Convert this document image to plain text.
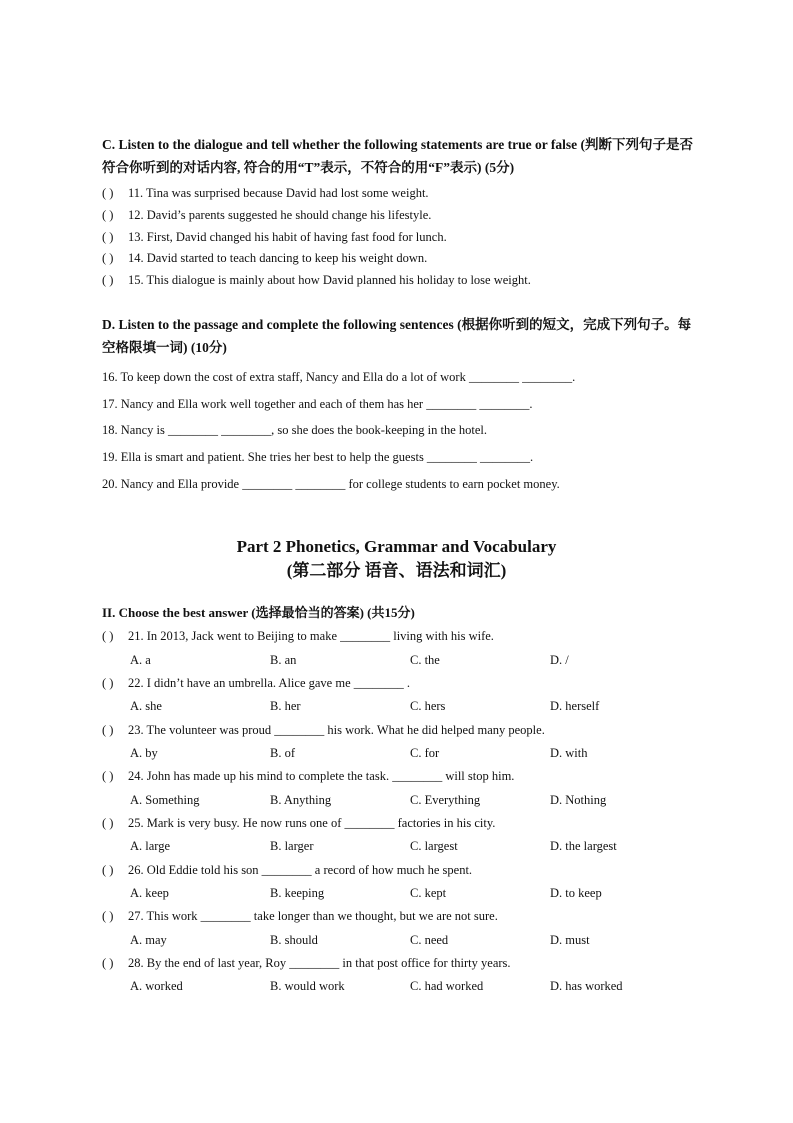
C. Listen to the dialogue and tell whether the following statements are true or false (判断下列句子是否符合你听到的对话内容, 符合的用“T”表示，不符合的用“F”表示) (5分)
( ) 11. Tina was surprised because David had lost some weight.
( ) 12. David’s parents suggested he should change his lifestyle.
( ) 13. First, David changed his habit of having fast food for lunch.
( ) 14. David started to teach dancing to keep his weight down.
( ) 15. This dialogue is mainly about how David planned his holiday to lose weight.
D. Listen to the passage and complete the following sentences (根据你听到的短文，完成下列句子。每空格限填一词) (10分)
16. To keep down the cost of extra staff, Nancy and Ella do a lot of work ________ ________.
17. Nancy and Ella work well together and each of them has her ________ ________.
18. Nancy is ________ ________, so she does the book-keeping in the hotel.
19. Ella is smart and patient. She tries her best to help the guests ________ ________.
20. Nancy and Ella provide ________ ________ for college students to earn pocket money.
Part 2 Phonetics, Grammar and Vocabulary
(第二部分 语音、语法和词汇)
II. Choose the best answer (选择最恰当的答案) (共15分)
( ) 21. In 2013, Jack went to Beijing to make ________ living with his wife.
A. a	B. an	C. the	D. /
( ) 22. I didn’t have an umbrella. Alice gave me ________ .
A. she	B. her	C. hers	D. herself
( ) 23. The volunteer was proud ________ his work. What he did helped many people.
A. by	B. of	C. for	D. with
( ) 24. John has made up his mind to complete the task. ________ will stop him.
A. Something	B. Anything	C. Everything	D. Nothing
( ) 25. Mark is very busy. He now runs one of ________ factories in his city.
A. large	B. larger	C. largest	D. the largest
( ) 26. Old Eddie told his son ________ a record of how much he spent.
A. keep	B. keeping	C. kept	D. to keep
( ) 27. This work ________ take longer than we thought, but we are not sure.
A. may	B. should	C. need	D. must
( ) 28. By the end of last year, Roy ________ in that post office for thirty years.
A. worked	B. would work	C. had worked	D. has worked
